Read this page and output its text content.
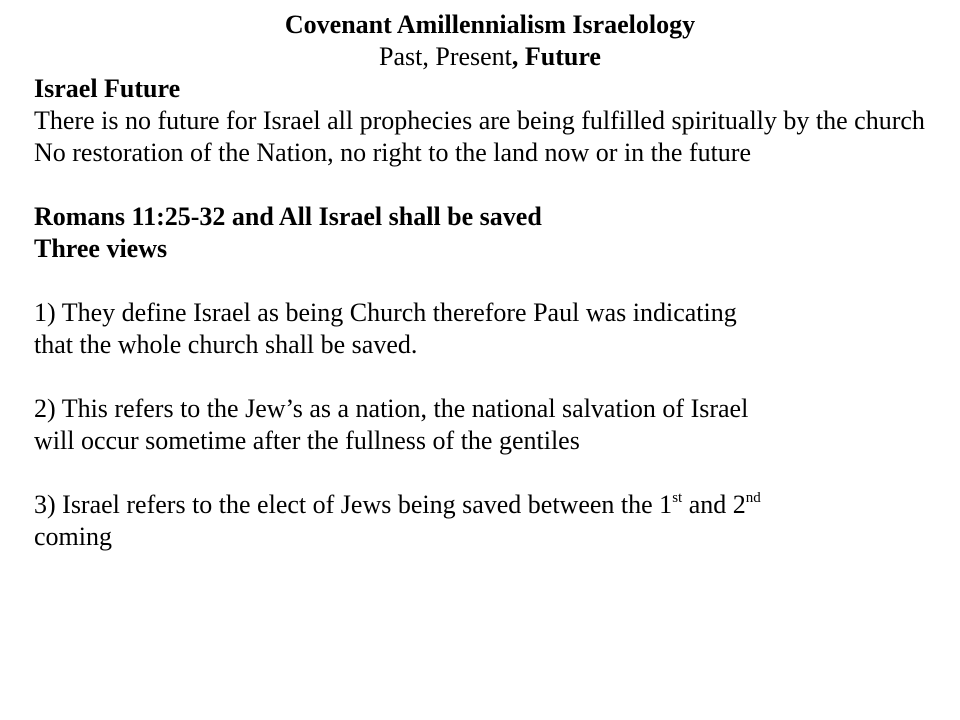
Covenant Amillennialism Israelology
Past, Present, Future
Israel Future
There is no future for Israel all prophecies are being fulfilled spiritually by the church
No restoration of the Nation, no right to the land now or in the future
Romans 11:25-32 and All Israel shall be saved
Three views
1) They define Israel as being Church therefore Paul was indicating
that the whole church shall be saved.
2) This refers to the Jew’s as a nation, the national salvation of Israel
will occur sometime after the fullness of the gentiles
3) Israel refers to the elect of Jews being saved between the 1st and 2nd
coming
